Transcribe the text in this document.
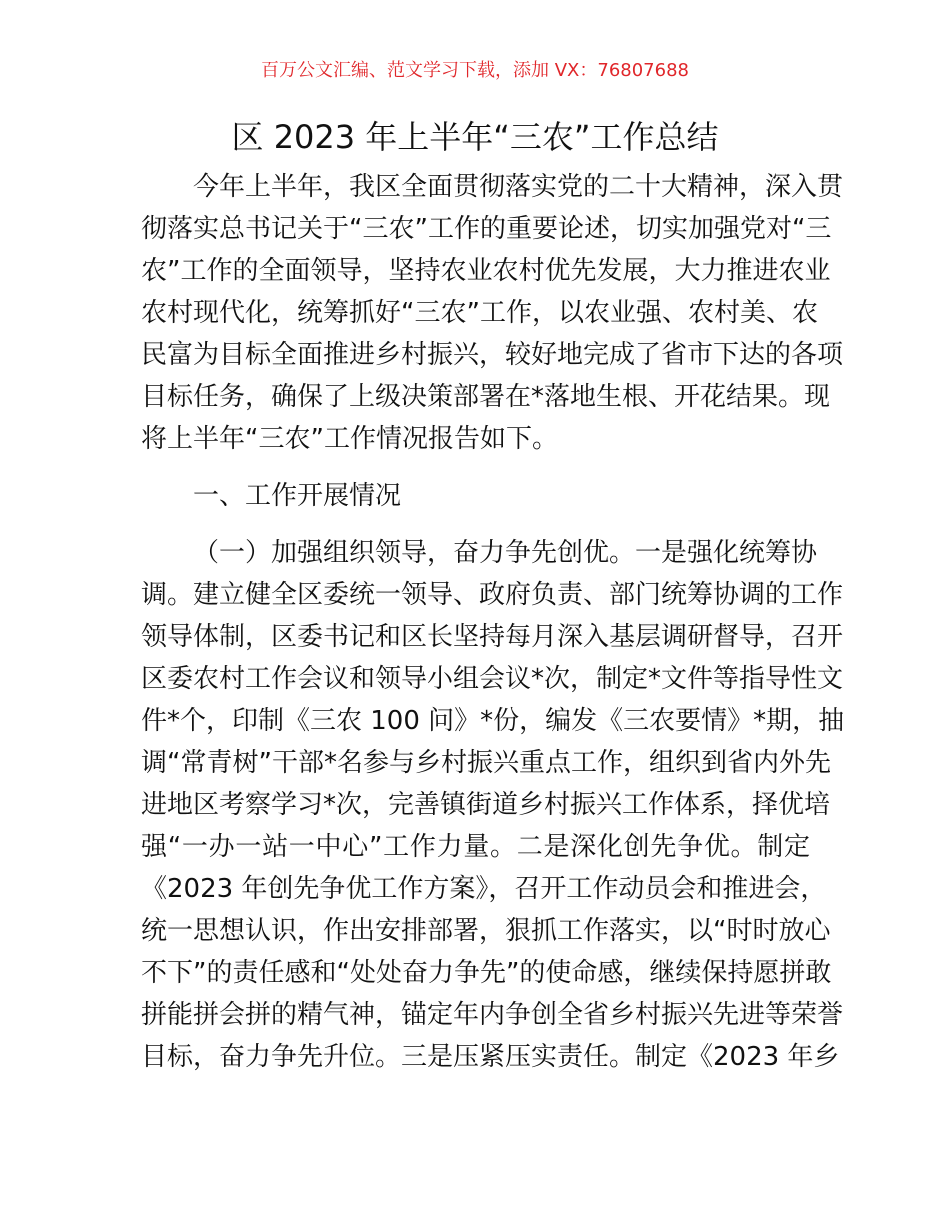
百万公文汇编、范文学习下载，添加 VX：76807688
区 2023 年上半年“三农”工作总结
今年上半年，我区全面贯彻落实党的二十大精神，深入贯
彻落实总书记关于“三农”工作的重要论述，切实加强党对“三
农”工作的全面领导，坚持农业农村优先发展，大力推进农业
农村现代化，统筹抓好“三农”工作，以农业强、农村美、农
民富为目标全面推进乡村振兴，较好地完成了省市下达的各项
目标任务，确保了上级决策部署在*落地生根、开花结果。现
将上半年“三农”工作情况报告如下。
一、工作开展情况
（一）加强组织领导，奋力争先创优。一是强化统筹协
调。建立健全区委统一领导、政府负责、部门统筹协调的工作
领导体制，区委书记和区长坚持每月深入基层调研督导，召开
区委农村工作会议和领导小组会议*次，制定*文件等指导性文
件*个，印制《三农 100 问》*份，编发《三农要情》*期，抽
调“常青树”干部*名参与乡村振兴重点工作，组织到省内外先
进地区考察学习*次，完善镇街道乡村振兴工作体系，择优培
强“一办一站一中心”工作力量。二是深化创先争优。制定
《2023 年创先争优工作方案》，召开工作动员会和推进会，
统一思想认识，作出安排部署，狠抓工作落实，以“时时放心
不下”的责任感和“处处奋力争先”的使命感，继续保持愿拼敢
拼能拼会拼的精气神，锚定年内争创全省乡村振兴先进等荣誉
目标，奋力争先升位。三是压紧压实责任。制定《2023 年乡
